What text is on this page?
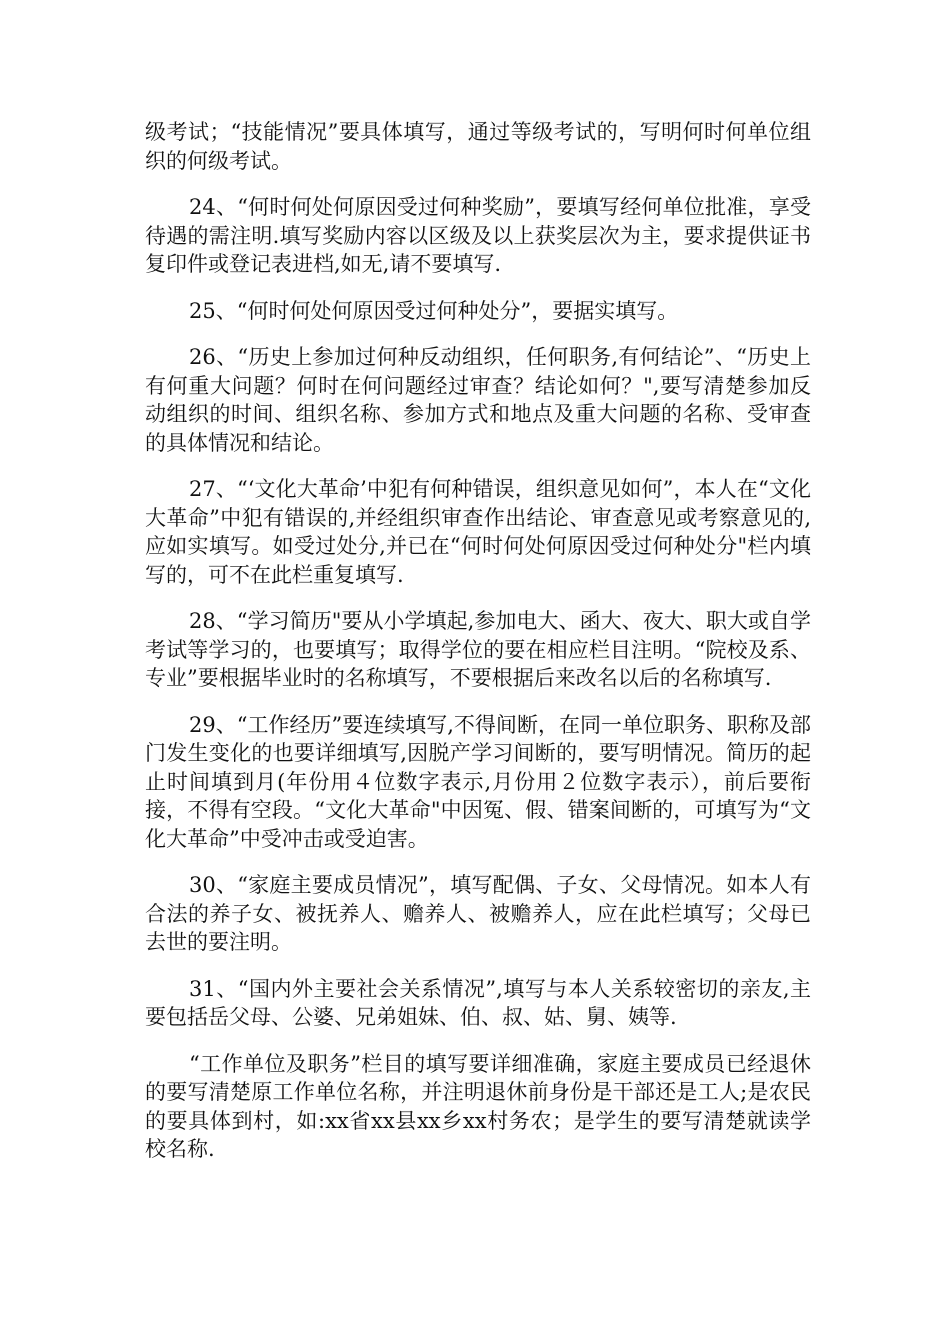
级考试；“技能情况”要具体填写，通过等级考试的，写明何时何单位组织的何级考试。

24、“何时何处何原因受过何种奖励”，要填写经何单位批准，享受待遇的需注明.填写奖励内容以区级及以上获奖层次为主，要求提供证书复印件或登记表进档,如无,请不要填写.

25、“何时何处何原因受过何种处分”，要据实填写。

26、“历史上参加过何种反动组织，任何职务,有何结论”、“历史上有何重大问题？何时在何问题经过审查？结论如何？",要写清楚参加反动组织的时间、组织名称、参加方式和地点及重大问题的名称、受审查的具体情况和结论。

27、“‘文化大革命’中犯有何种错误，组织意见如何”，本人在“文化大革命”中犯有错误的,并经组织审查作出结论、审查意见或考察意见的,应如实填写。如受过处分,并已在“何时何处何原因受过何种处分"栏内填写的，可不在此栏重复填写.

28、“学习简历"要从小学填起,参加电大、函大、夜大、职大或自学考试等学习的，也要填写；取得学位的要在相应栏目注明。“院校及系、专业”要根据毕业时的名称填写，不要根据后来改名以后的名称填写.

29、“工作经历”要连续填写,不得间断，在同一单位职务、职称及部门发生变化的也要详细填写,因脱产学习间断的，要写明情况。简历的起止时间填到月(年份用４位数字表示,月份用２位数字表示），前后要衔接，不得有空段。“文化大革命"中因冤、假、错案间断的，可填写为“文化大革命”中受冲击或受迫害。

30、“家庭主要成员情况”，填写配偶、子女、父母情况。如本人有合法的养子女、被抚养人、赡养人、被赡养人，应在此栏填写；父母已去世的要注明。

31、“国内外主要社会关系情况”,填写与本人关系较密切的亲友,主要包括岳父母、公婆、兄弟姐妹、伯、叔、姑、舅、姨等.

“工作单位及职务”栏目的填写要详细准确，家庭主要成员已经退休的要写清楚原工作单位名称，并注明退休前身份是干部还是工人;是农民的要具体到村，如:xx省xx县xx乡xx村务农；是学生的要写清楚就读学校名称.
